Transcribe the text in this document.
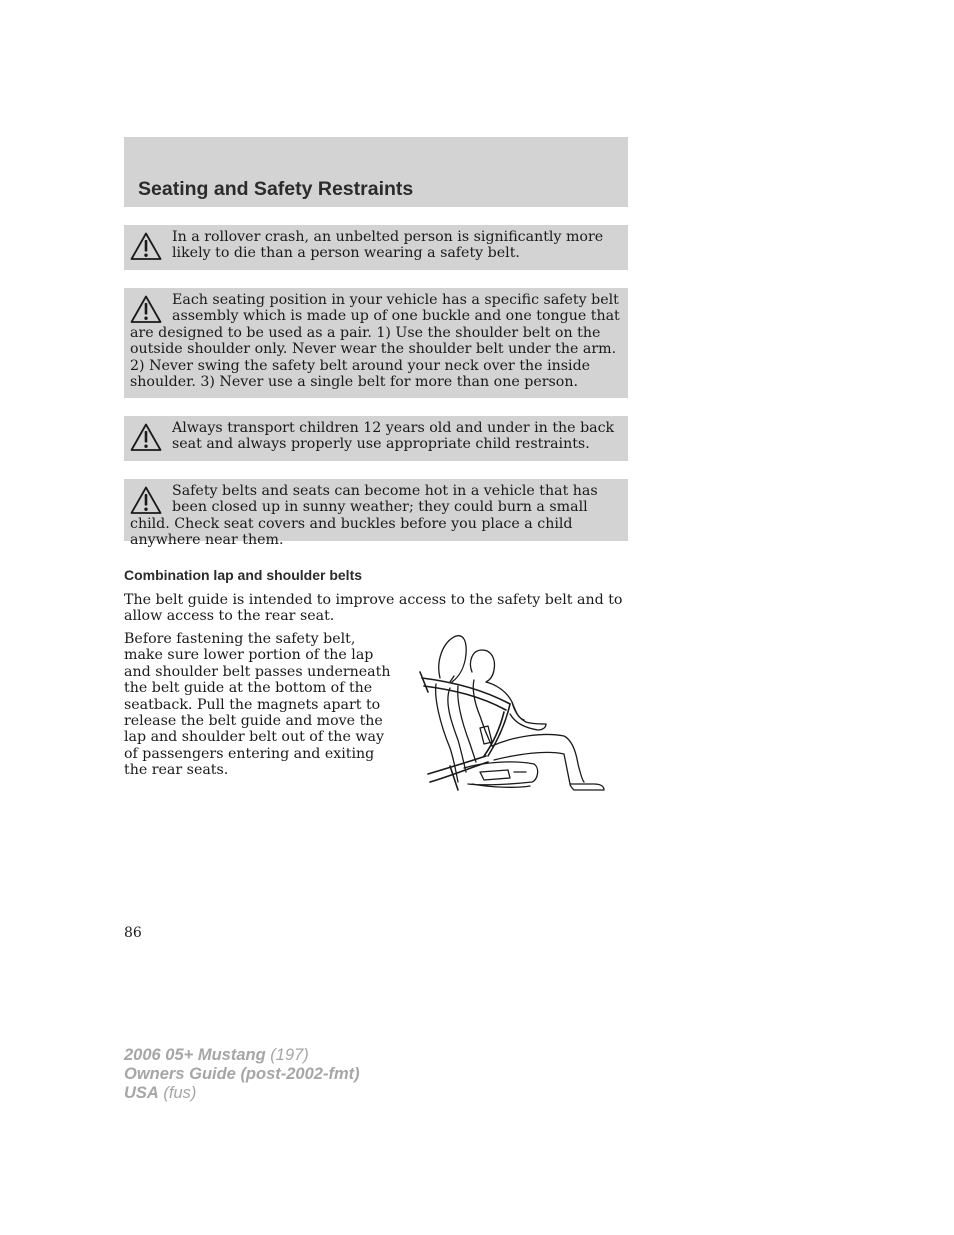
Seating and Safety Restraints
In a rollover crash, an unbelted person is significantly more likely to die than a person wearing a safety belt.
Each seating position in your vehicle has a specific safety belt assembly which is made up of one buckle and one tongue that are designed to be used as a pair. 1) Use the shoulder belt on the outside shoulder only. Never wear the shoulder belt under the arm. 2) Never swing the safety belt around your neck over the inside shoulder. 3) Never use a single belt for more than one person.
Always transport children 12 years old and under in the back seat and always properly use appropriate child restraints.
Safety belts and seats can become hot in a vehicle that has been closed up in sunny weather; they could burn a small child. Check seat covers and buckles before you place a child anywhere near them.
Combination lap and shoulder belts

The belt guide is intended to improve access to the safety belt and to allow access to the rear seat.

Before fastening the safety belt,
make sure lower portion of the lap
and shoulder belt passes underneath
the belt guide at the bottom of the
seatback. Pull the magnets apart to
release the belt guide and move the
lap and shoulder belt out of the way
of passengers entering and exiting
the rear seats.

86

2006 05+ Mustang (197)
Owners Guide (post-2002-fmt)
USA (fus)
